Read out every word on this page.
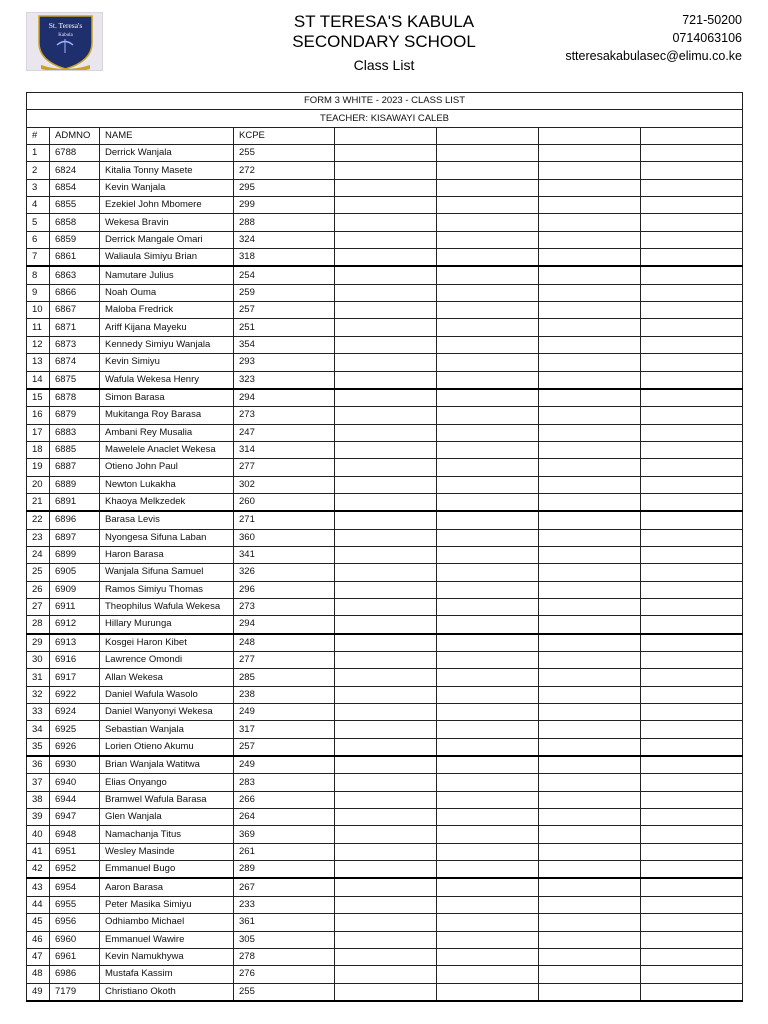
St. Teresa's
Kabula
ST TERESA'S KABULA
SECONDARY SCHOOL
Class List
721-50200
0714063106
stteresakabulasec@elimu.co.ke
FORM 3 WHITE - 2023 - CLASS LIST							
TEACHER: KISAWAYI CALEB							
#	ADMNO	NAME	KCPE				
1	6788	Derrick Wanjala	255				
2	6824	Kitalia Tonny Masete	272				
3	6854	Kevin Wanjala	295				
4	6855	Ezekiel John Mbomere	299				
5	6858	Wekesa Bravin	288				
6	6859	Derrick Mangale Omari	324				
7	6861	Waliaula Simiyu Brian	318				
8	6863	Namutare Julius	254				
9	6866	Noah Ouma	259				
10	6867	Maloba Fredrick	257				
11	6871	Ariff Kijana Mayeku	251				
12	6873	Kennedy Simiyu Wanjala	354				
13	6874	Kevin Simiyu	293				
14	6875	Wafula Wekesa Henry	323				
15	6878	Simon Barasa	294				
16	6879	Mukitanga Roy Barasa	273				
17	6883	Ambani Rey Musalia	247				
18	6885	Mawelele Anaclet Wekesa	314				
19	6887	Otieno John Paul	277				
20	6889	Newton Lukakha	302				
21	6891	Khaoya Melkzedek	260				
22	6896	Barasa Levis	271				
23	6897	Nyongesa Sifuna Laban	360				
24	6899	Haron Barasa	341				
25	6905	Wanjala Sifuna Samuel	326				
26	6909	Ramos Simiyu Thomas	296				
27	6911	Theophilus Wafula Wekesa	273				
28	6912	Hillary Murunga	294				
29	6913	Kosgei Haron Kibet	248				
30	6916	Lawrence Omondi	277				
31	6917	Allan Wekesa	285				
32	6922	Daniel Wafula Wasolo	238				
33	6924	Daniel Wanyonyi Wekesa	249				
34	6925	Sebastian Wanjala	317				
35	6926	Lorien Otieno Akumu	257				
36	6930	Brian Wanjala Watitwa	249				
37	6940	Elias Onyango	283				
38	6944	Bramwel Wafula Barasa	266				
39	6947	Glen Wanjala	264				
40	6948	Namachanja Titus	369				
41	6951	Wesley Masinde	261				
42	6952	Emmanuel Bugo	289				
43	6954	Aaron Barasa	267				
44	6955	Peter Masika Simiyu	233				
45	6956	Odhiambo Michael	361				
46	6960	Emmanuel Wawire	305				
47	6961	Kevin Namukhywa	278				
48	6986	Mustafa Kassim	276				
49	7179	Christiano Okoth	255				
